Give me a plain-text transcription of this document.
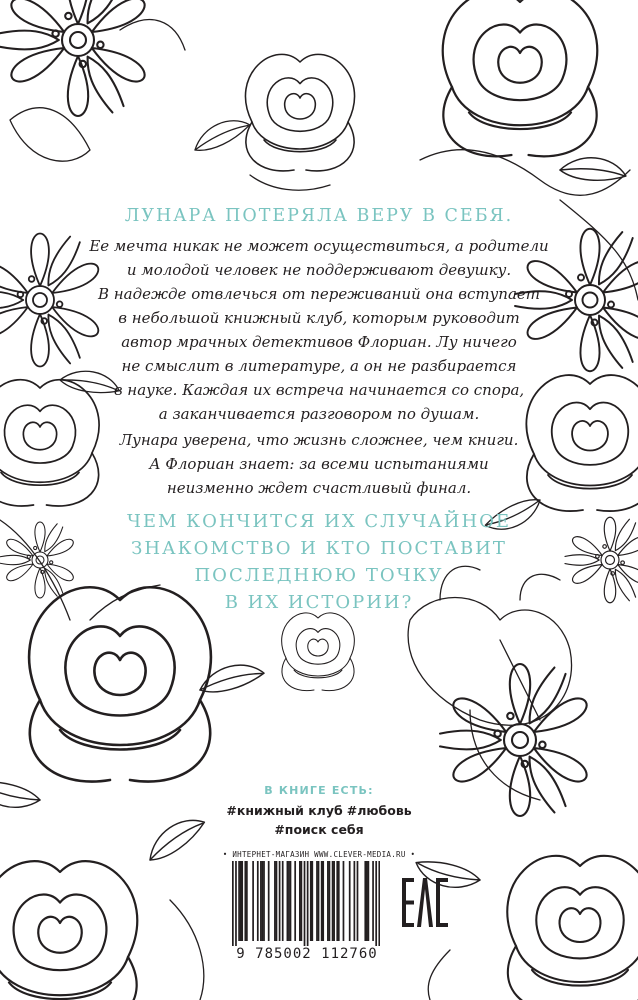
ЛУНАРА ПОТЕРЯЛА ВЕРУ В СЕБЯ.
Ее мечта никак не может осуществиться, а родители
и молодой человек не поддерживают девушку.
В надежде отвлечься от переживаний она вступает
в небольшой книжный клуб, которым руководит
автор мрачных детективов Флориан. Лу ничего
не смыслит в литературе, а он не разбирается
в науке. Каждая их встреча начинается со спора,
а заканчивается разговором по душам.
Лунара уверена, что жизнь сложнее, чем книги.
А Флориан знает: за всеми испытаниями
неизменно ждет счастливый финал.
ЧЕМ КОНЧИТСЯ ИХ СЛУЧАЙНОЕ
ЗНАКОМСТВО И КТО ПОСТАВИТ
ПОСЛЕДНЮЮ ТОЧКУ
В ИХ ИСТОРИИ?
В КНИГЕ ЕСТЬ:
#книжный клуб #любовь
#поиск себя
• ИНТЕРНЕТ-МАГАЗИН WWW.CLEVER-MEDIA.RU •
9 785002 112760
